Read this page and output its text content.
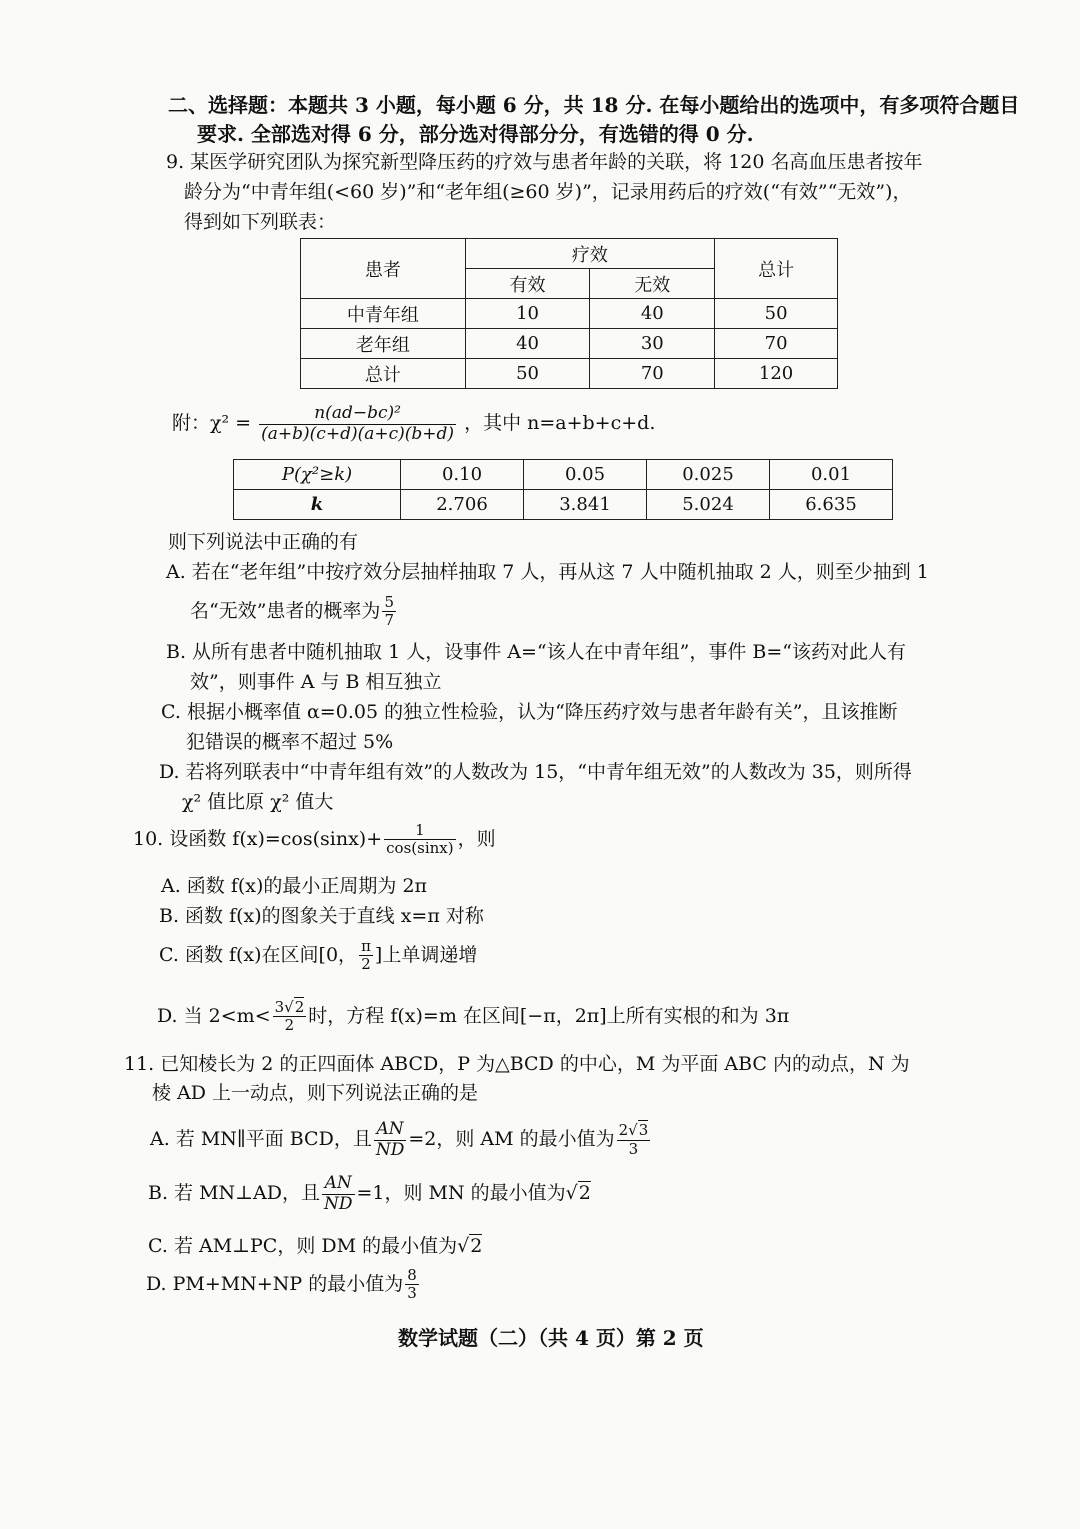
二、选择题：本题共 3 小题，每小题 6 分，共 18 分. 在每小题给出的选项中，有多项符合题目
要求. 全部选对得 6 分，部分选对得部分分，有选错的得 0 分.
9. 某医学研究团队为探究新型降压药的疗效与患者年龄的关联，将 120 名高血压患者按年
龄分为“中青年组(<60 岁)”和“老年组(≥60 岁)”，记录用药后的疗效(“有效”“无效”)，
得到如下列联表：
患者	疗效		总计
	有效	无效	
中青年组	10	40	50
老年组	40	30	70
总计	50	70	120
附：$\chi^2 = \frac{\text{n(ad−bc)²}}{(a+b)(c+d)(a+c)(b+d)}$ ，其中 n=a+b+c+d.
P(χ²≥k)	0.10	0.05	0.025	0.01
k	2.706	3.841	5.024	6.635
则下列说法中正确的有
A. 若在“老年组”中按疗效分层抽样抽取 7 人，再从这 7 人中随机抽取 2 人，则至少抽到 1
名“无效”患者的概率为 $\frac{5}{7}$
B. 从所有患者中随机抽取 1 人，设事件 A=“该人在中青年组”，事件 B=“该药对此人有
效”，则事件 A 与 B 相互独立
C. 根据小概率值 α=0.05 的独立性检验，认为“降压药疗效与患者年龄有关”，且该推断
犯错误的概率不超过 5%
D. 若将列联表中“中青年组有效”的人数改为 15，“中青年组无效”的人数改为 35，则所得
χ² 值比原 χ² 值大
10. 设函数 $f(x)=\cos(\sin x)+ \frac{1}{\cos(\sin x)}$ ，则
A. 函数 f(x)的最小正周期为 2π
B. 函数 f(x)的图象关于直线 x=π 对称
C. 函数 f(x)在区间[0， $\frac{\pi}{2}$ ]上单调递增
D. 当 $2<m< \frac{3√2}{2}$ 时，方程 f(x)=m 在区间[−π，2π]上所有实根的和为 3π
11. 已知棱长为 2 的正四面体 ABCD，P 为△BCD 的中心，M 为平面 ABC 内的动点，N 为
棱 AD 上一动点，则下列说法正确的是
A. 若 MN∥平面 BCD，且 $\frac{AN}{ND} =2$，则 AM 的最小值为 $\frac{2√3}{3}$
B. 若 MN⊥AD，且 $\frac{AN}{ND} =1$，则 MN 的最小值为√2
C. 若 AM⊥PC，则 DM 的最小值为√2
D. PM+MN+NP 的最小值为 $\frac{8}{3}$
数学试题（二）（共 4 页）第 2 页
